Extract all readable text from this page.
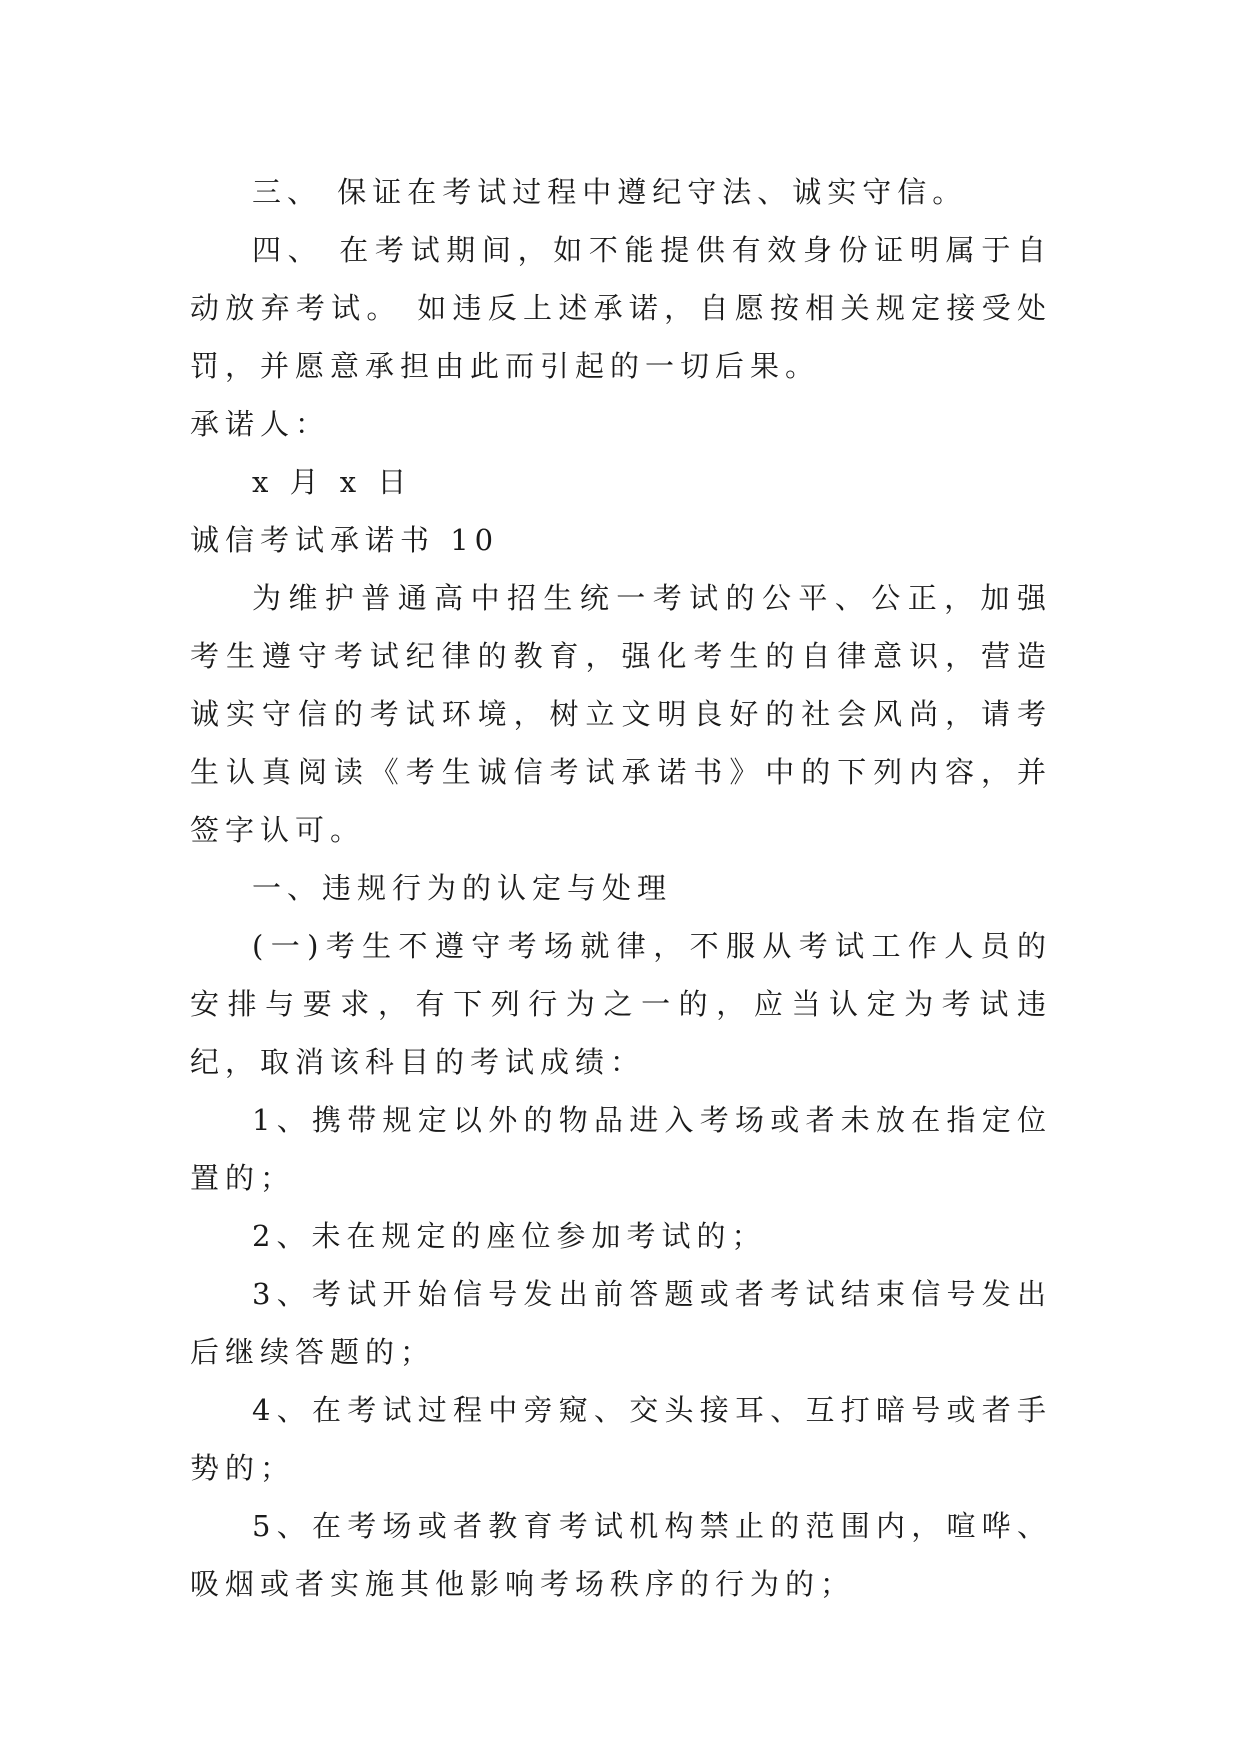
三、 保证在考试过程中遵纪守法、诚实守信。

四、 在考试期间，如不能提供有效身份证明属于自动放弃考试。 如违反上述承诺，自愿按相关规定接受处罚，并愿意承担由此而引起的一切后果。

承诺人：

x 月 x 日

诚信考试承诺书 10

为维护普通高中招生统一考试的公平、公正，加强考生遵守考试纪律的教育，强化考生的自律意识，营造诚实守信的考试环境，树立文明良好的社会风尚，请考生认真阅读《考生诚信考试承诺书》中的下列内容，并签字认可。

一、违规行为的认定与处理

(一)考生不遵守考场就律，不服从考试工作人员的安排与要求，有下列行为之一的，应当认定为考试违纪，取消该科目的考试成绩：

1、携带规定以外的物品进入考场或者未放在指定位置的；

2、未在规定的座位参加考试的；

3、考试开始信号发出前答题或者考试结束信号发出后继续答题的；

4、在考试过程中旁窥、交头接耳、互打暗号或者手势的；

5、在考场或者教育考试机构禁止的范围内，喧哗、吸烟或者实施其他影响考场秩序的行为的；
